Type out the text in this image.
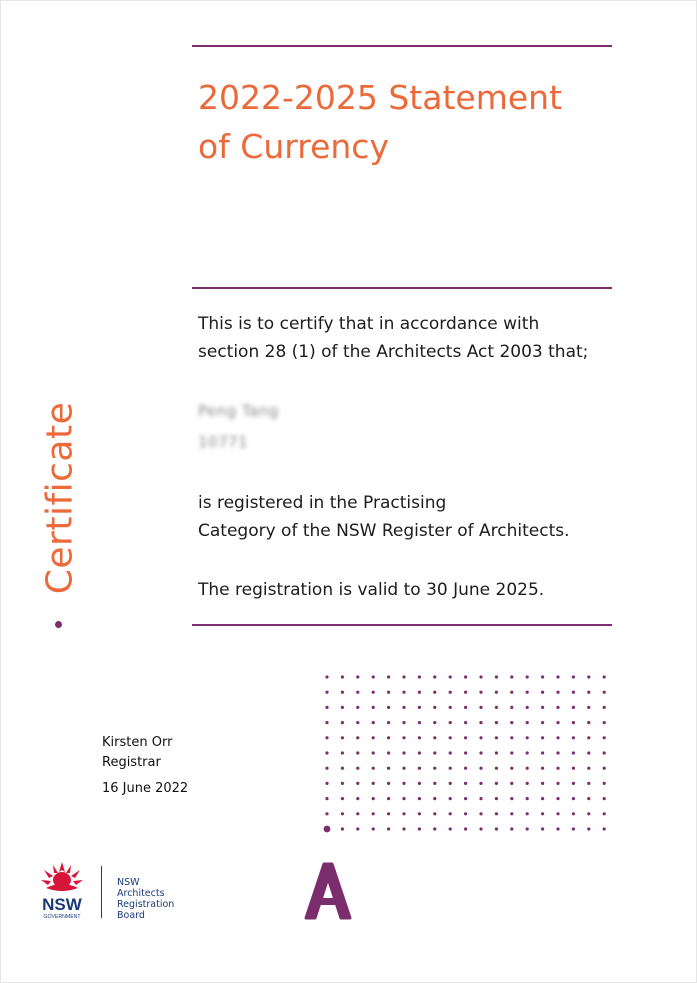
2022-2025 Statement
of Currency
This is to certify that in accordance with
section 28 (1) of the Architects Act 2003 that;
Peng Tang
10771
is registered in the Practising
Category of the NSW Register of Architects.
The registration is valid to 30 June 2025.
Certificate
Kirsten Orr
Registrar
16 June 2022
NSW
GOVERNMENT
NSW
Architects
Registration
Board
A
